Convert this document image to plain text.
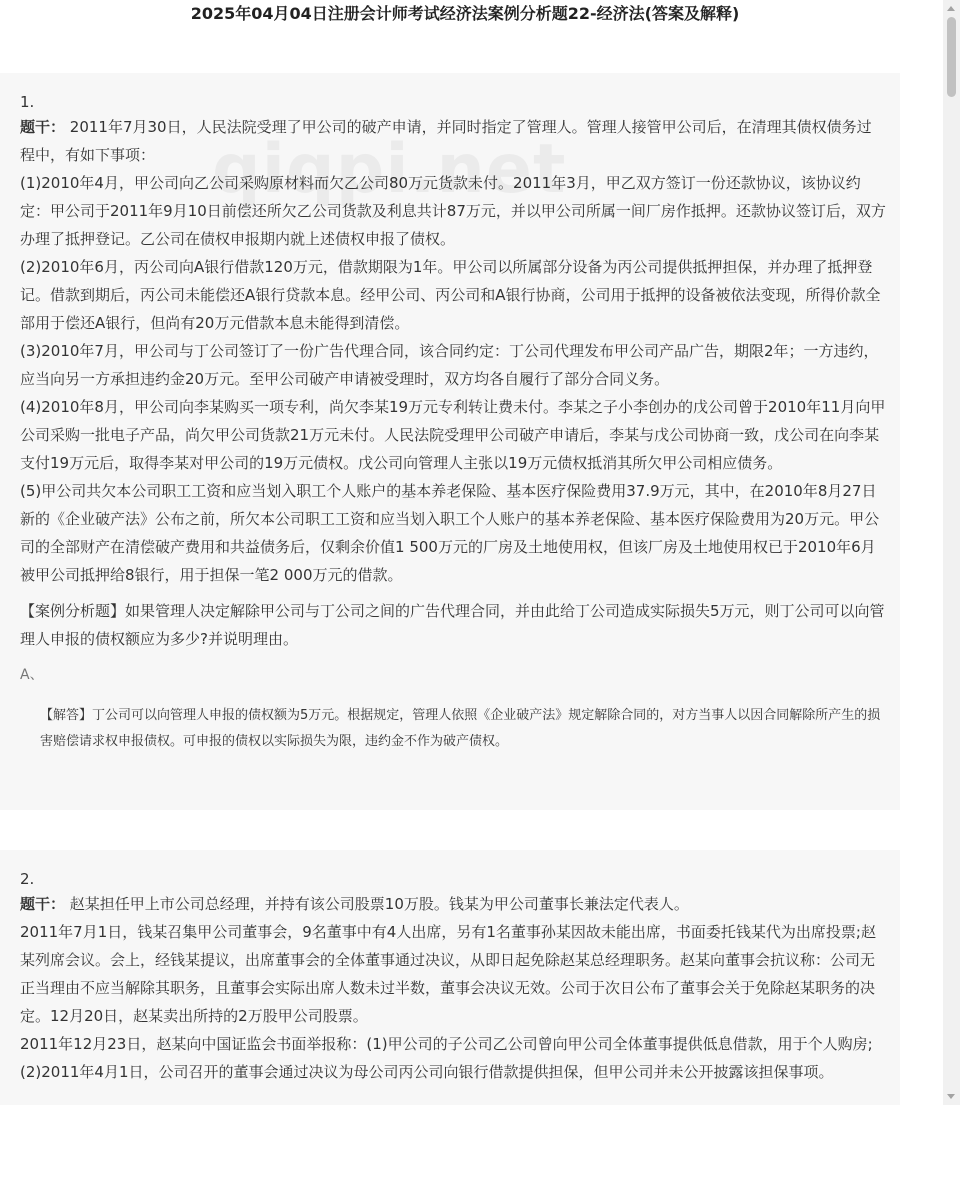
2025年04月04日注册会计师考试经济法案例分析题22-经济法(答案及解释)
1.

题干： 2011年7月30日，人民法院受理了甲公司的破产申请，并同时指定了管理人。管理人接管甲公司后，在清理其债权债务过程中，有如下事项：

(1)2010年4月，甲公司向乙公司采购原材料而欠乙公司80万元货款未付。2011年3月，甲乙双方签订一份还款协议，该协议约定：甲公司于2011年9月10日前偿还所欠乙公司货款及利息共计87万元，并以甲公司所属一间厂房作抵押。还款协议签订后，双方办理了抵押登记。乙公司在债权申报期内就上述债权申报了债权。

(2)2010年6月，丙公司向A银行借款120万元，借款期限为1年。甲公司以所属部分设备为丙公司提供抵押担保，并办理了抵押登记。借款到期后，丙公司未能偿还A银行贷款本息。经甲公司、丙公司和A银行协商，公司用于抵押的设备被依法变现，所得价款全部用于偿还A银行，但尚有20万元借款本息未能得到清偿。

(3)2010年7月，甲公司与丁公司签订了一份广告代理合同，该合同约定：丁公司代理发布甲公司产品广告，期限2年；一方违约，应当向另一方承担违约金20万元。至甲公司破产申请被受理时，双方均各自履行了部分合同义务。

(4)2010年8月，甲公司向李某购买一项专利，尚欠李某19万元专利转让费未付。李某之子小李创办的戊公司曾于2010年11月向甲公司采购一批电子产品，尚欠甲公司货款21万元未付。人民法院受理甲公司破产申请后，李某与戊公司协商一致，戊公司在向李某支付19万元后，取得李某对甲公司的19万元债权。戊公司向管理人主张以19万元债权抵消其所欠甲公司相应债务。

(5)甲公司共欠本公司职工工资和应当划入职工个人账户的基本养老保险、基本医疗保险费用37.9万元，其中，在2010年8月27日新的《企业破产法》公布之前，所欠本公司职工工资和应当划入职工个人账户的基本养老保险、基本医疗保险费用为20万元。甲公司的全部财产在清偿破产费用和共益债务后，仅剩余价值1 500万元的厂房及土地使用权，但该厂房及土地使用权已于2010年6月被甲公司抵押给8银行，用于担保一笔2 000万元的借款。

【案例分析题】如果管理人决定解除甲公司与丁公司之间的广告代理合同，并由此给丁公司造成实际损失5万元，则丁公司可以向管理人申报的债权额应为多少?并说明理由。

A、
【解答】丁公司可以向管理人申报的债权额为5万元。根据规定，管理人依照《企业破产法》规定解除合同的，对方当事人以因合同解除所产生的损害赔偿请求权申报债权。可申报的债权以实际损失为限，违约金不作为破产债权。
2.

题干： 赵某担任甲上市公司总经理，并持有该公司股票10万股。钱某为甲公司董事长兼法定代表人。

2011年7月1日，钱某召集甲公司董事会，9名董事中有4人出席，另有1名董事孙某因故未能出席，书面委托钱某代为出席投票;赵某列席会议。会上，经钱某提议，出席董事会的全体董事通过决议，从即日起免除赵某总经理职务。赵某向董事会抗议称：公司无正当理由不应当解除其职务，且董事会实际出席人数未过半数，董事会决议无效。公司于次日公布了董事会关于免除赵某职务的决定。12月20日，赵某卖出所持的2万股甲公司股票。

2011年12月23日，赵某向中国证监会书面举报称：(1)甲公司的子公司乙公司曾向甲公司全体董事提供低息借款，用于个人购房;(2)2011年4月1日，公司召开的董事会通过决议为母公司丙公司向银行借款提供担保，但甲公司并未公开披露该担保事项。
